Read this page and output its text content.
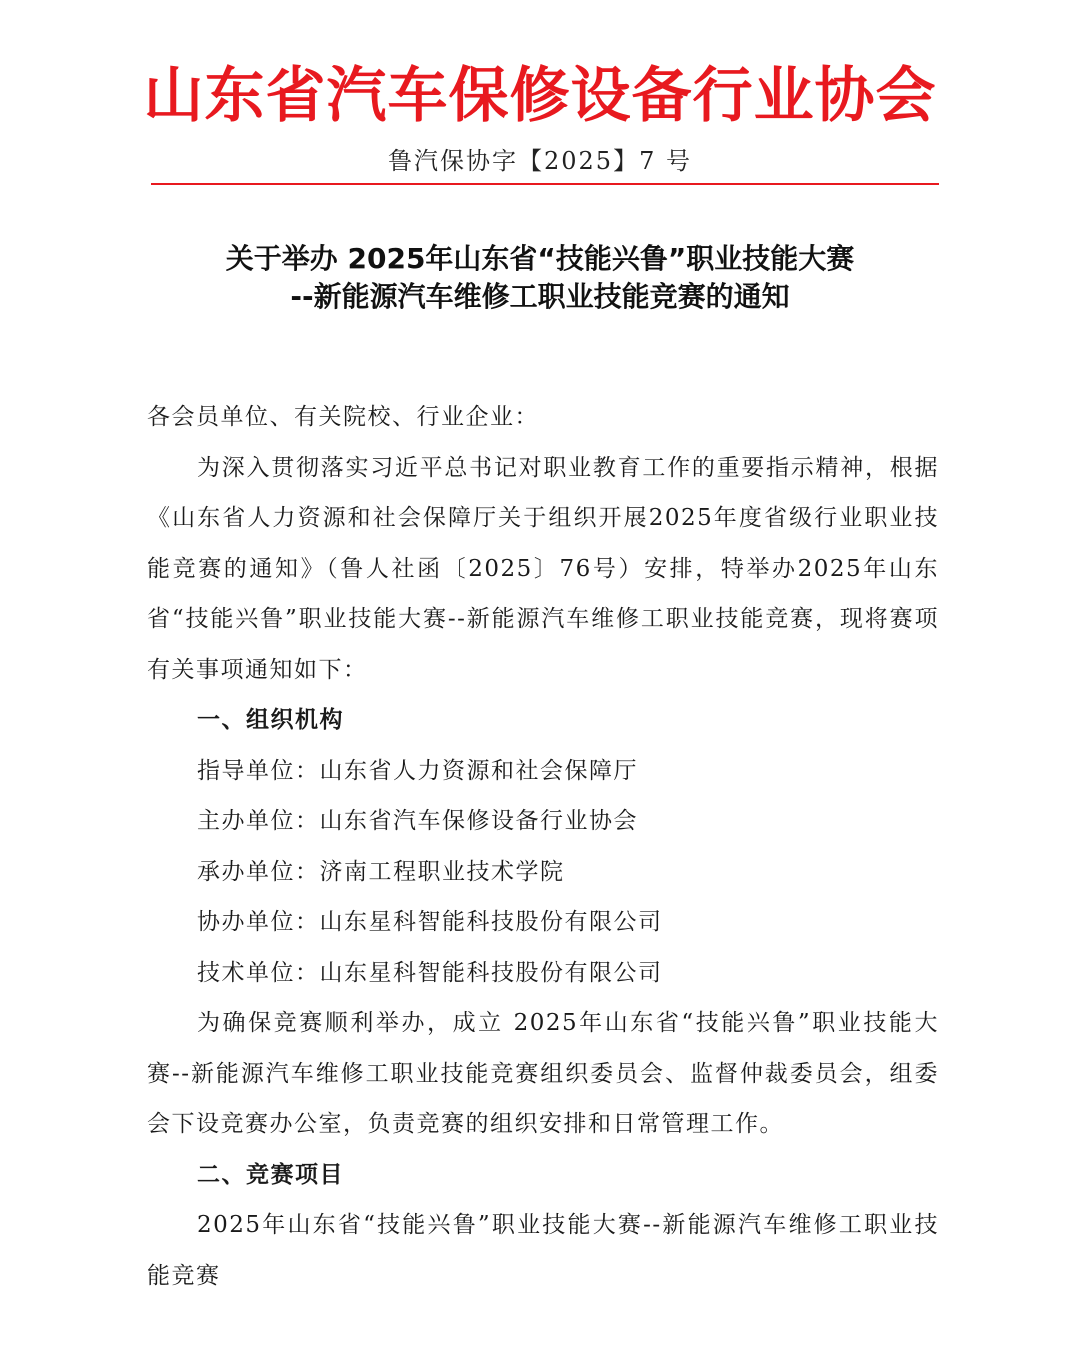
山东省汽车保修设备行业协会
鲁汽保协字【2025】7 号
关于举办 2025年山东省“技能兴鲁”职业技能大赛
--新能源汽车维修工职业技能竞赛的通知

各会员单位、有关院校、行业企业：

为深入贯彻落实习近平总书记对职业教育工作的重要指示精神，根据《山东省人力资源和社会保障厅关于组织开展2025年度省级行业职业技能竞赛的通知》（鲁人社函〔2025〕76号）安排，特举办2025年山东省“技能兴鲁”职业技能大赛--新能源汽车维修工职业技能竞赛，现将赛项有关事项通知如下：

一、组织机构

指导单位：山东省人力资源和社会保障厅

主办单位：山东省汽车保修设备行业协会

承办单位：济南工程职业技术学院

协办单位：山东星科智能科技股份有限公司

技术单位：山东星科智能科技股份有限公司

为确保竞赛顺利举办，成立 2025年山东省“技能兴鲁”职业技能大赛--新能源汽车维修工职业技能竞赛组织委员会、监督仲裁委员会，组委会下设竞赛办公室，负责竞赛的组织安排和日常管理工作。

二、竞赛项目

2025年山东省“技能兴鲁”职业技能大赛--新能源汽车维修工职业技能竞赛
